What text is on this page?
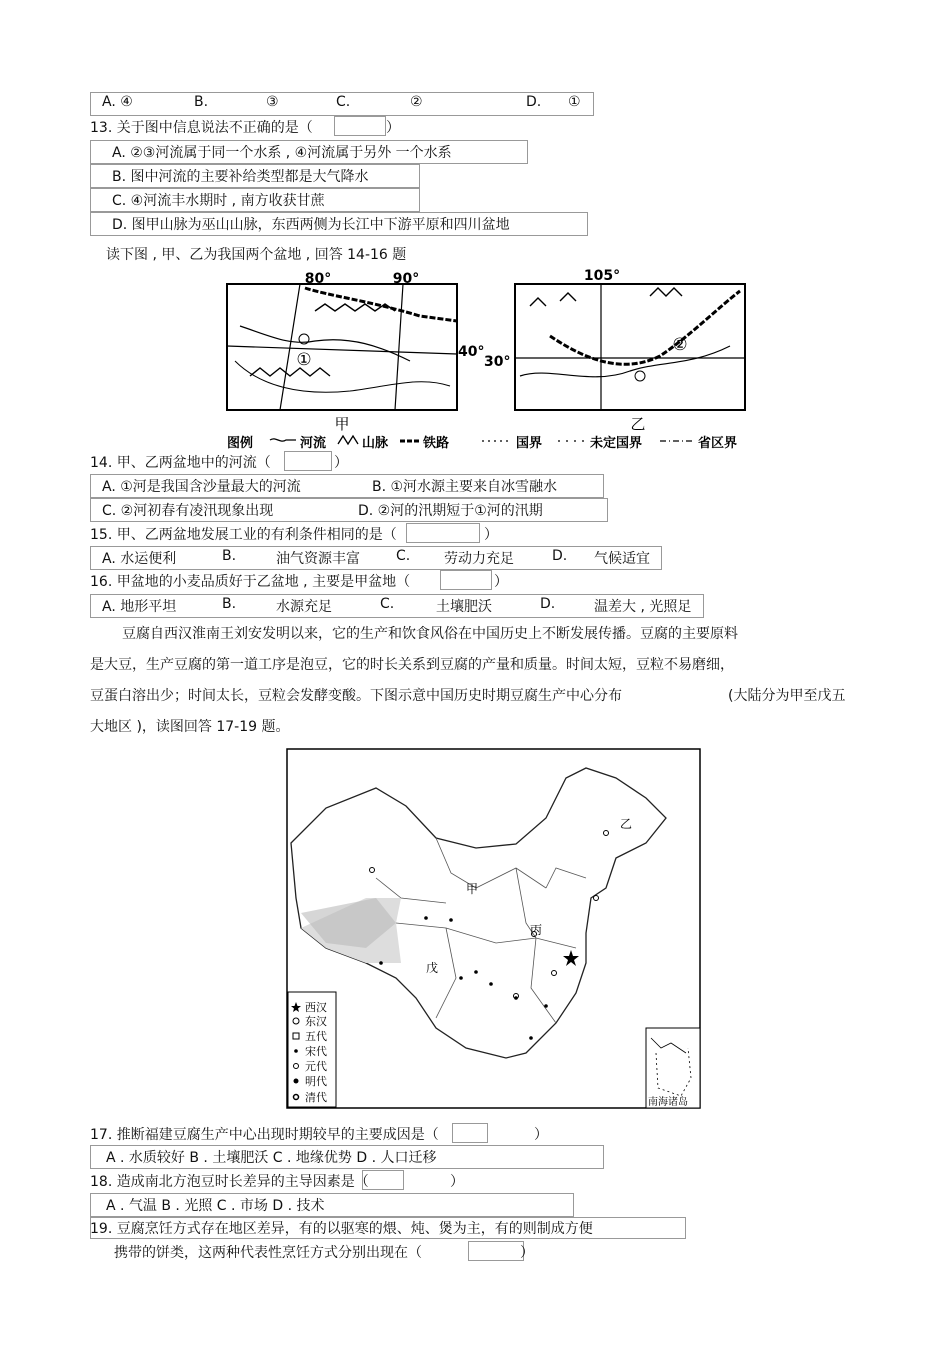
A. ④	B.	③	C.	②	D. ①
13. 关于图中信息说法不正确的是（	）
A. ②③河流属于同一个水系 , ④河流属于另外 一个水系
B. 图中河流的主要补给类型都是大气降水
C. ④河流丰水期时 , 南方收获甘蔗
D. 图甲山脉为巫山山脉，东西两侧为长江中下游平原和四川盆地
读下图 , 甲、乙为我国两个盆地 , 回答 14-16 题
①
80°	90°
40°
30°
甲
②
105°
乙
图例	河流	山脉	铁路	国界	未定国界	省区界
14. 甲、乙两盆地中的河流（	）
A. ①河是我国含沙量最大的河流	B. ①河水源主要来自冰雪融水
C. ②河初春有凌汛现象出现	D. ②河的汛期短于①河的汛期
15. 甲、乙两盆地发展工业的有利条件相同的是（	）
A. 水运便利	B.	油气资源丰富	C. 劳动力充足	D. 气候适宜
16. 甲盆地的小麦品质好于乙盆地 , 主要是甲盆地（	）
A. 地形平坦	B.	水源充足	C.	土壤肥沃	D.	温差大 , 光照足
豆腐自西汉淮南王刘安发明以来，它的生产和饮食风俗在中国历史上不断发展传播。豆腐的主要原料
是大豆，生产豆腐的第一道工序是泡豆，它的时长关系到豆腐的产量和质量。时间太短，豆粒不易磨细，
豆蛋白溶出少；时间太长，豆粒会发酵变酸。下图示意中国历史时期豆腐生产中心分布	(大陆分为甲至戊五
大地区 )，读图回答 17-19 题。
甲
乙
丙
戊
西汉
东汉
五代
宋代
元代
明代
清代	南海诸岛
17. 推断福建豆腐生产中心出现时期较早的主要成因是（	）
A . 水质较好 B . 土壤肥沃 C . 地缘优势 D . 人口迁移
18. 造成南北方泡豆时长差异的主导因素是（	）
A . 气温 B . 光照 C . 市场 D . 技术
19. 豆腐烹饪方式存在地区差异，有的以驱寒的煨、炖、煲为主，有的则制成方便
携带的饼类，这两种代表性烹饪方式分别出现在（	）
